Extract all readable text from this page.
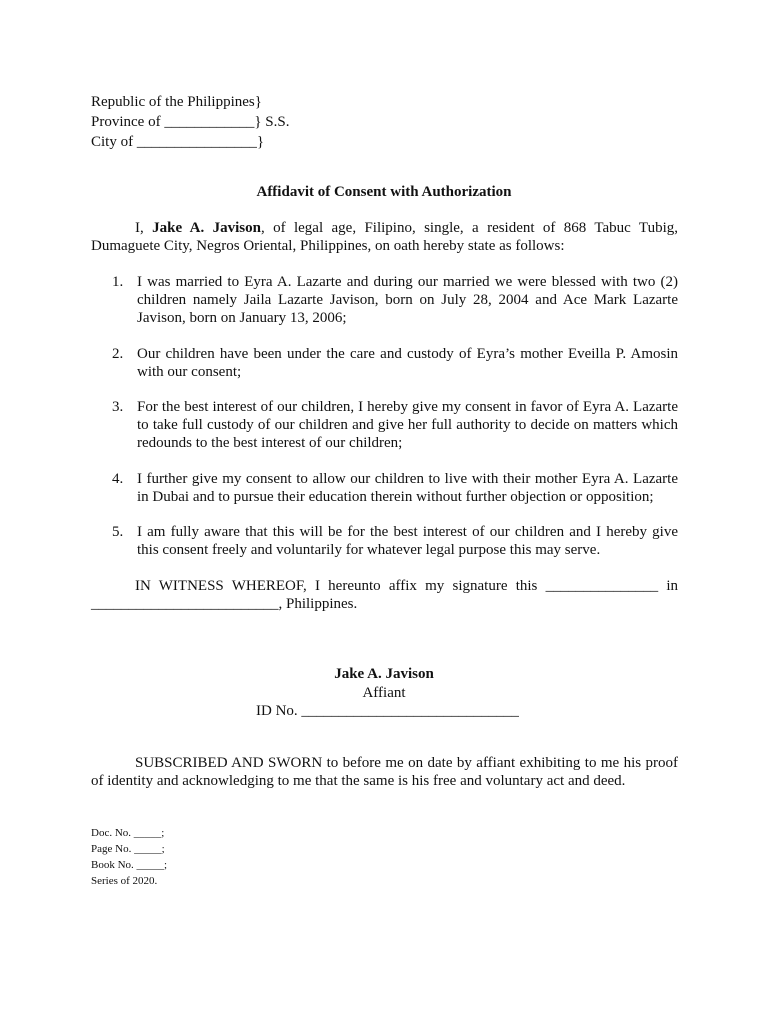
Republic of the Philippines}
Province of ____________} S.S.
City of ________________}
Affidavit of Consent with Authorization
I, Jake A. Javison, of legal age, Filipino, single, a resident of 868 Tabuc Tubig, Dumaguete City, Negros Oriental, Philippines, on oath hereby state as follows:
1. I was married to Eyra A. Lazarte and during our married we were blessed with two (2) children namely Jaila Lazarte Javison, born on July 28, 2004 and Ace Mark Lazarte Javison, born on January 13, 2006;
2. Our children have been under the care and custody of Eyra’s mother Eveilla P. Amosin with our consent;
3. For the best interest of our children, I hereby give my consent in favor of Eyra A. Lazarte to take full custody of our children and give her full authority to decide on matters which redounds to the best interest of our children;
4. I further give my consent to allow our children to live with their mother Eyra A. Lazarte in Dubai and to pursue their education therein without further objection or opposition;
5. I am fully aware that this will be for the best interest of our children and I hereby give this consent freely and voluntarily for whatever legal purpose this may serve.
IN WITNESS WHEREOF, I hereunto affix my signature this _______________ in _________________________, Philippines.
Jake A. Javison
Affiant
ID No. _____________________________
SUBSCRIBED AND SWORN to before me on date by affiant exhibiting to me his proof of identity and acknowledging to me that the same is his free and voluntary act and deed.
Doc. No. _____;
Page No. _____;
Book No. _____;
Series of 2020.
